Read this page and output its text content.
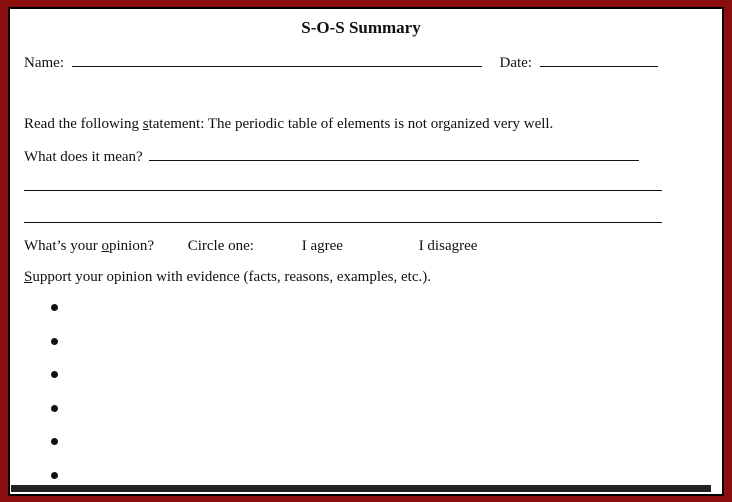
S-O-S Summary
Name:	Date:
Read the following statement: The periodic table of elements is not organized very well.
What does it mean?
What’s your opinion? Circle one:	I agree	I disagree
Support your opinion with evidence (facts, reasons, examples, etc.).
